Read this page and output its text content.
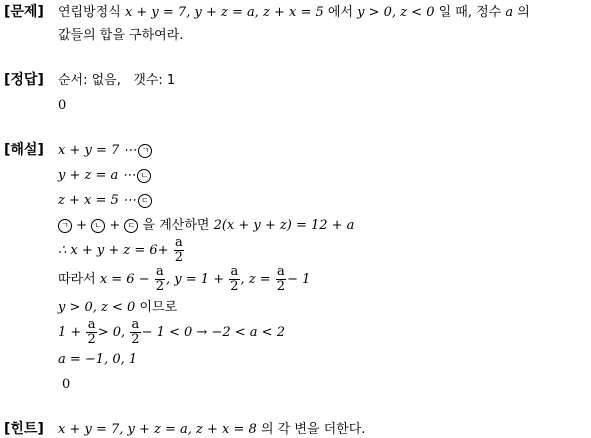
[문제] 연립방정식 x + y = 7, y + z = a, z + x = 5 에서 y > 0, z < 0 일 때, 정수 a 의
값들의 합을 구하여라.
[정답] 순서: 없음, 갯수: 1
0
[해설] x + y = 7 ⋯ ㄱ
y + z = a ⋯ ㄴ
z + x = 5 ⋯ ㄷ
ㄱ + ㄴ + ㄷ 을 계산하면 2(x + y + z) = 12 + a
∴ $x + y + z = 6+ \frac{a}{2}$
따라서 $x = 6 - \frac{a}{2}$ , $y = 1 + \frac{a}{2}$ , $z = \frac{a}{2} - 1$
y > 0, z < 0 이므로
$1 + \frac{a}{2} > 0$, $\frac{a}{2} - 1 < 0 \to -2 < a < 2$
a = −1, 0, 1
0
[힌트] x + y = 7, y + z = a, z + x = 8 의 각 변을 더한다.
